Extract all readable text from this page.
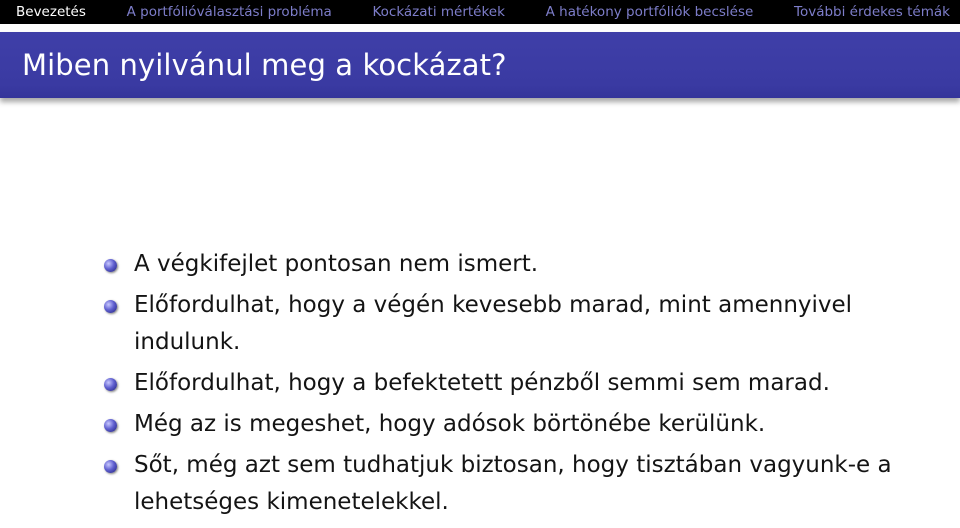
Bevezetés	A portfólióválasztási probléma	Kockázati mértékek	A hatékony portfóliók becslése	További érdekes témák
Miben nyilvánul meg a kockázat?
A végkifejlet pontosan nem ismert.
Előfordulhat, hogy a végén kevesebb marad, mint amennyivel indulunk.
Előfordulhat, hogy a befektetett pénzből semmi sem marad.
Még az is megeshet, hogy adósok börtönébe kerülünk.
Sőt, még azt sem tudhatjuk biztosan, hogy tisztában vagyunk-e a lehetséges kimenetelekkel.
